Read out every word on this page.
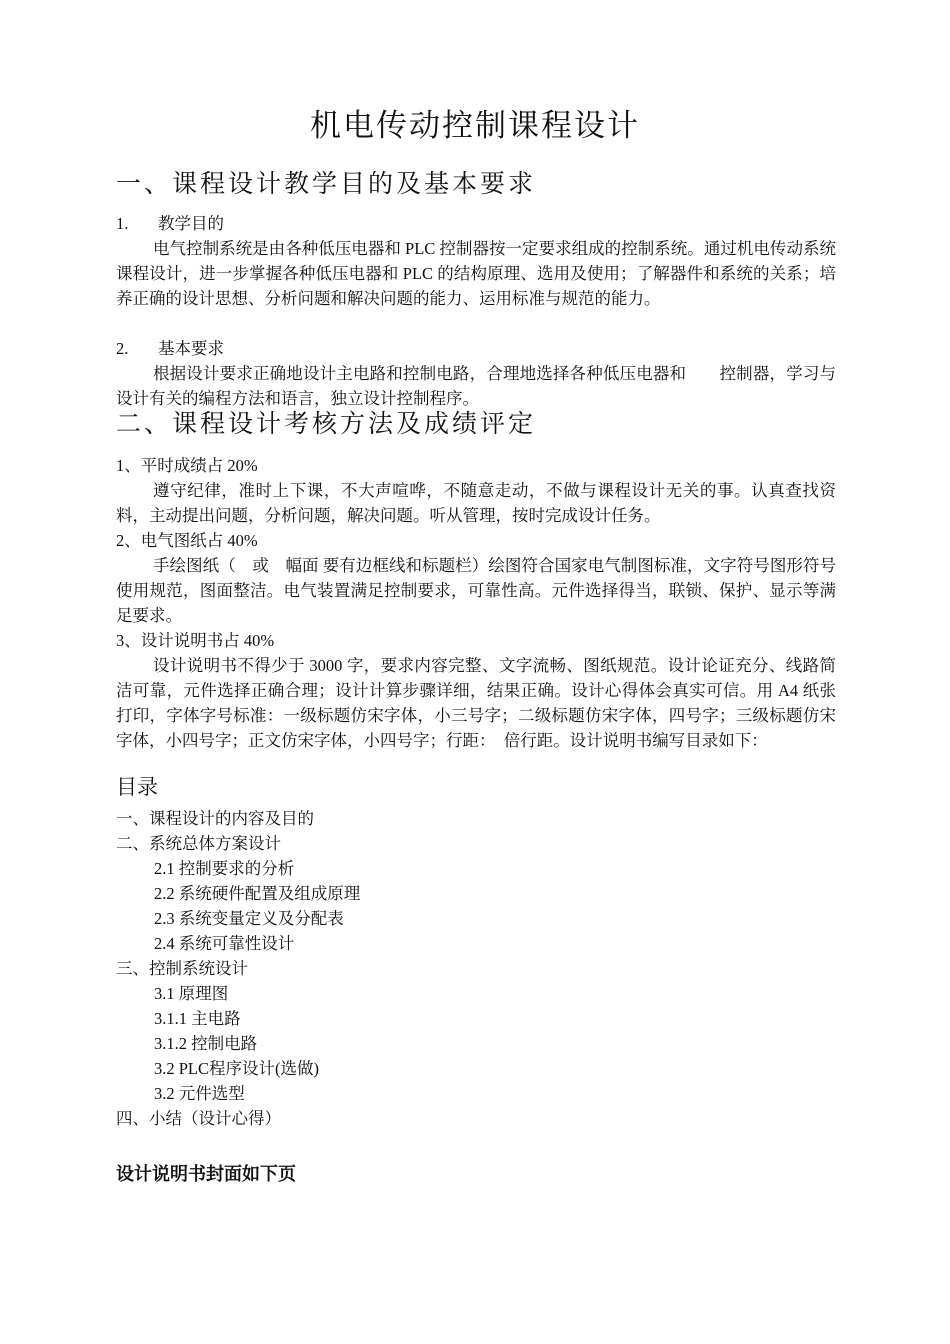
机电传动控制课程设计
一、课程设计教学目的及基本要求

1. 教学目的

电气控制系统是由各种低压电器和 PLC 控制器按一定要求组成的控制系统。通过机电传动系统课程设计，进一步掌握各种低压电器和 PLC 的结构原理、选用及使用；了解器件和系统的关系；培养正确的设计思想、分析问题和解决问题的能力、运用标准与规范的能力。

2. 基本要求

根据设计要求正确地设计主电路和控制电路，合理地选择各种低压电器和　　控制器，学习与设计有关的编程方法和语言，独立设计控制程序。

二、课程设计考核方法及成绩评定

1、平时成绩占 20%

遵守纪律，准时上下课，不大声喧哗，不随意走动，不做与课程设计无关的事。认真查找资料，主动提出问题，分析问题，解决问题。听从管理，按时完成设计任务。

2、电气图纸占 40%

手绘图纸（　或　幅面 要有边框线和标题栏）绘图符合国家电气制图标准，文字符号图形符号使用规范，图面整洁。电气装置满足控制要求，可靠性高。元件选择得当，联锁、保护、显示等满足要求。

3、设计说明书占 40%

设计说明书不得少于 3000 字，要求内容完整、文字流畅、图纸规范。设计论证充分、线路简洁可靠，元件选择正确合理；设计计算步骤详细，结果正确。设计心得体会真实可信。用 A4 纸张打印，字体字号标准：一级标题仿宋字体，小三号字；二级标题仿宋字体，四号字；三级标题仿宋字体，小四号字；正文仿宋字体，小四号字；行距：　倍行距。设计说明书编写目录如下：

目录

一、课程设计的内容及目的

二、系统总体方案设计

2.1 控制要求的分析

2.2 系统硬件配置及组成原理

2.3 系统变量定义及分配表

2.4 系统可靠性设计

三、控制系统设计

3.1 原理图

3.1.1 主电路

3.1.2 控制电路

3.2 PLC程序设计(选做)

3.2 元件选型

四、小结（设计心得）

设计说明书封面如下页
